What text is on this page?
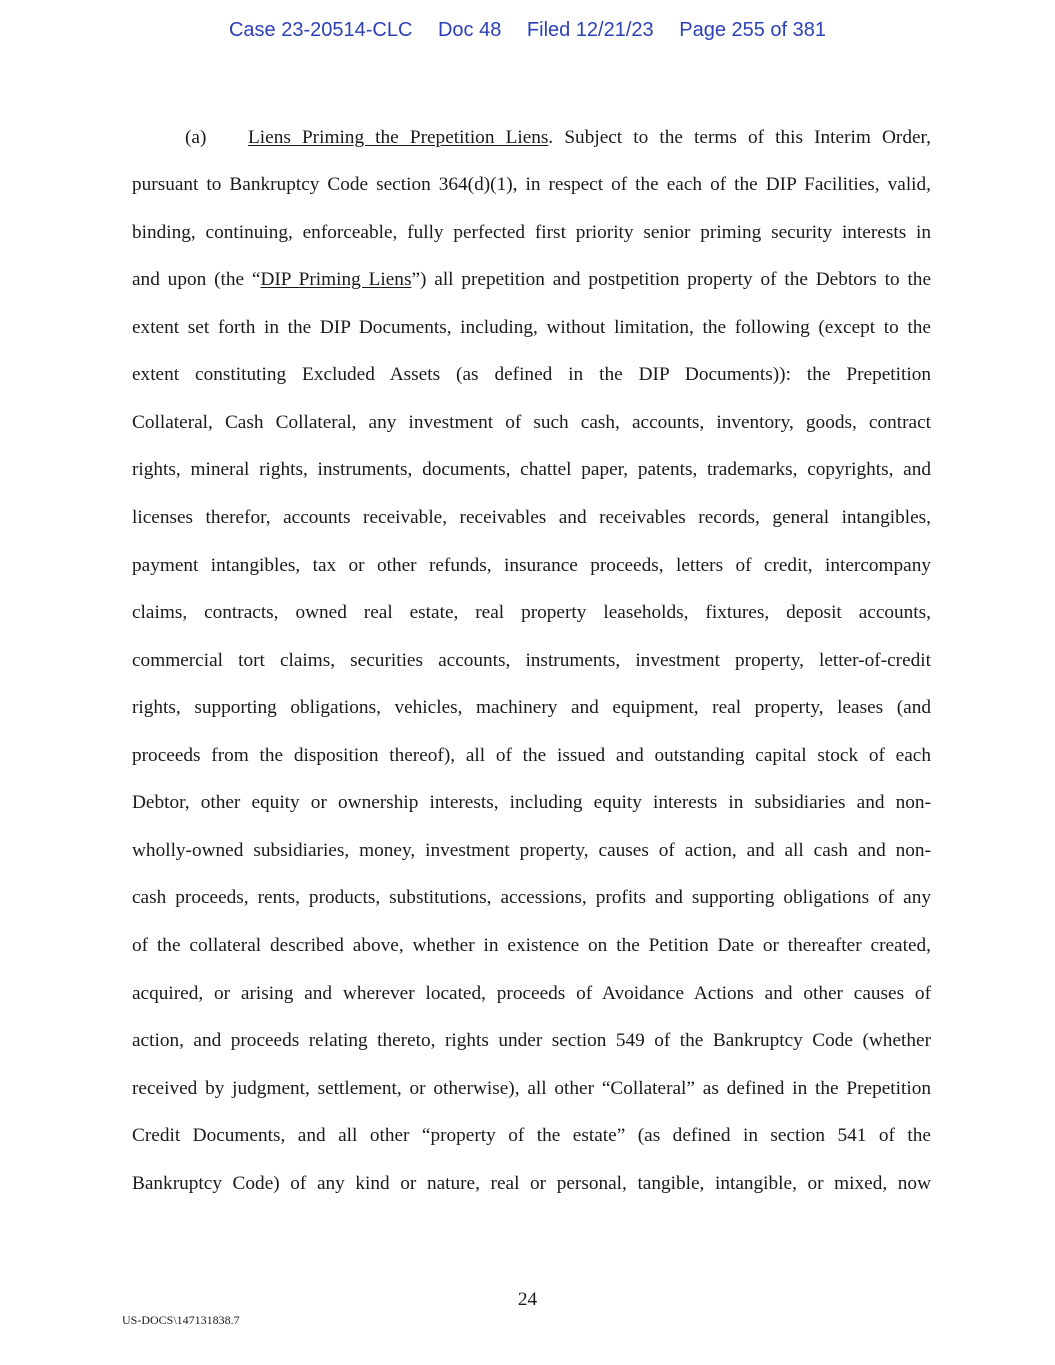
Case 23-20514-CLC Doc 48 Filed 12/21/23 Page 255 of 381
(a) Liens Priming the Prepetition Liens. Subject to the terms of this Interim Order,
pursuant to Bankruptcy Code section 364(d)(1), in respect of the each of the DIP Facilities, valid,
binding, continuing, enforceable, fully perfected first priority senior priming security interests in
and upon (the “DIP Priming Liens”) all prepetition and postpetition property of the Debtors to the
extent set forth in the DIP Documents, including, without limitation, the following (except to the
extent constituting Excluded Assets (as defined in the DIP Documents)): the Prepetition
Collateral, Cash Collateral, any investment of such cash, accounts, inventory, goods, contract
rights, mineral rights, instruments, documents, chattel paper, patents, trademarks, copyrights, and
licenses therefor, accounts receivable, receivables and receivables records, general intangibles,
payment intangibles, tax or other refunds, insurance proceeds, letters of credit, intercompany
claims, contracts, owned real estate, real property leaseholds, fixtures, deposit accounts,
commercial tort claims, securities accounts, instruments, investment property, letter-of-credit
rights, supporting obligations, vehicles, machinery and equipment, real property, leases (and
proceeds from the disposition thereof), all of the issued and outstanding capital stock of each
Debtor, other equity or ownership interests, including equity interests in subsidiaries and non-
wholly-owned subsidiaries, money, investment property, causes of action, and all cash and non-
cash proceeds, rents, products, substitutions, accessions, profits and supporting obligations of any
of the collateral described above, whether in existence on the Petition Date or thereafter created,
acquired, or arising and wherever located, proceeds of Avoidance Actions and other causes of
action, and proceeds relating thereto, rights under section 549 of the Bankruptcy Code (whether
received by judgment, settlement, or otherwise), all other “Collateral” as defined in the Prepetition
Credit Documents, and all other “property of the estate” (as defined in section 541 of the
Bankruptcy Code) of any kind or nature, real or personal, tangible, intangible, or mixed, now
24
US-DOCS\147131838.7
